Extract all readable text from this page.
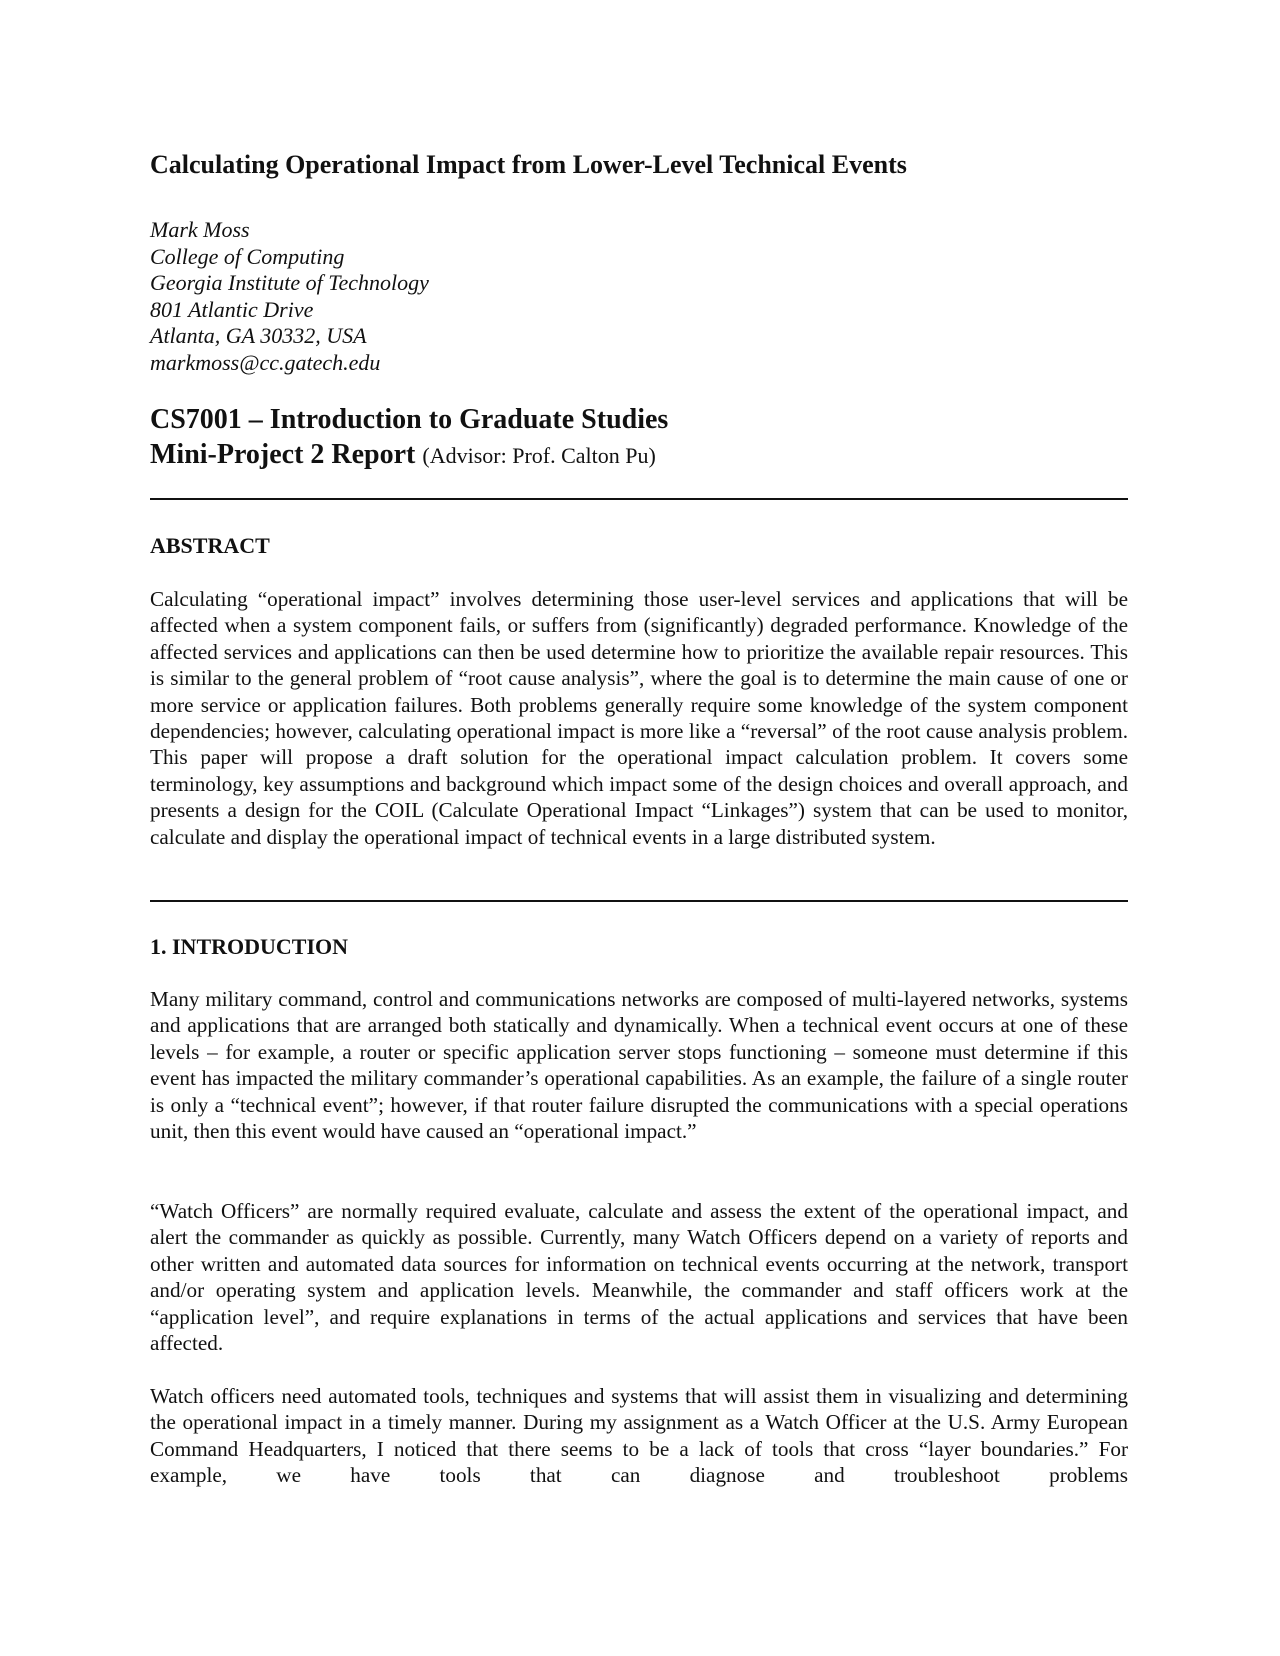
Calculating Operational Impact from Lower-Level Technical Events
Mark Moss
College of Computing
Georgia Institute of Technology
801 Atlantic Drive
Atlanta, GA 30332, USA
markmoss@cc.gatech.edu
CS7001 – Introduction to Graduate Studies
Mini-Project 2 Report (Advisor: Prof. Calton Pu)
ABSTRACT
Calculating “operational impact” involves determining those user-level services and applications that will be affected when a system component fails, or suffers from (significantly) degraded performance. Knowledge of the affected services and applications can then be used determine how to prioritize the available repair resources. This is similar to the general problem of “root cause analysis”, where the goal is to determine the main cause of one or more service or application failures. Both problems generally require some knowledge of the system component dependencies; however, calculating operational impact is more like a “reversal” of the root cause analysis problem. This paper will propose a draft solution for the operational impact calculation problem. It covers some terminology, key assumptions and background which impact some of the design choices and overall approach, and presents a design for the COIL (Calculate Operational Impact “Linkages”) system that can be used to monitor, calculate and display the operational impact of technical events in a large distributed system.
1. INTRODUCTION
Many military command, control and communications networks are composed of multi-layered networks, systems and applications that are arranged both statically and dynamically. When a technical event occurs at one of these levels – for example, a router or specific application server stops functioning – someone must determine if this event has impacted the military commander’s operational capabilities. As an example, the failure of a single router is only a “technical event”; however, if that router failure disrupted the communications with a special operations unit, then this event would have caused an “operational impact.”
“Watch Officers” are normally required evaluate, calculate and assess the extent of the operational impact, and alert the commander as quickly as possible. Currently, many Watch Officers depend on a variety of reports and other written and automated data sources for information on technical events occurring at the network, transport and/or operating system and application levels. Meanwhile, the commander and staff officers work at the “application level”, and require explanations in terms of the actual applications and services that have been affected.
Watch officers need automated tools, techniques and systems that will assist them in visualizing and determining the operational impact in a timely manner. During my assignment as a Watch Officer at the U.S. Army European Command Headquarters, I noticed that there seems to be a lack of tools that cross “layer boundaries.” For example, we have tools that can diagnose and troubleshoot problems
